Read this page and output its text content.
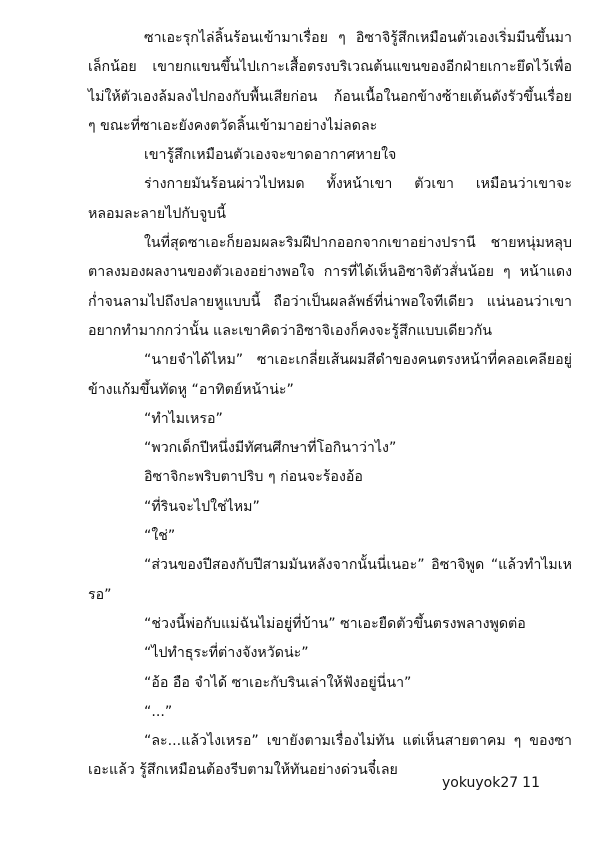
ซาเอะรุกไล่ลิ้นร้อนเข้ามาเรื่อย ๆ อิซาจิรู้สึกเหมือนตัวเองเริ่มมีนขึ้นมาเล็กน้อย เขายกแขนขึ้นไปเกาะเสื้อตรงบริเวณต้นแขนของอีกฝ่ายเกาะยึดไว้เพื่อไม่ให้ตัวเองล้มลงไปกองกับพื้นเสียก่อน ก้อนเนื้อในอกข้างซ้ายเต้นดังรัวขึ้นเรื่อย ๆ ขณะที่ซาเอะยังคงตวัดลิ้นเข้ามาอย่างไม่ลดละ

เขารู้สึกเหมือนตัวเองจะขาดอากาศหายใจ

ร่างกายมันร้อนผ่าวไปหมด ทั้งหน้าเขา ตัวเขา เหมือนว่าเขาจะหลอมละลายไปกับจูบนี้

ในที่สุดซาเอะก็ยอมผละริมฝีปากออกจากเขาอย่างปรานี ชายหนุ่มหลุบตาลงมองผลงานของตัวเองอย่างพอใจ การที่ได้เห็นอิซาจิตัวสั่นน้อย ๆ หน้าแดงก่ำจนลามไปถึงปลายหูแบบนี้ ถือว่าเป็นผลลัพธ์ที่น่าพอใจทีเดียว แน่นอนว่าเขาอยากทำมากกว่านั้น และเขาคิดว่าอิซาจิเองก็คงจะรู้สึกแบบเดียวกัน

“นายจำได้ไหม” ซาเอะเกลี่ยเส้นผมสีดำของคนตรงหน้าที่คลอเคลียอยู่ข้างแก้มขึ้นทัดหู “อาทิตย์หน้าน่ะ”

“ทำไมเหรอ”

“พวกเด็กปีหนึ่งมีทัศนศึกษาที่โอกินาว่าไง”

อิซาจิกะพริบตาปริบ ๆ ก่อนจะร้องอ้อ

“ที่รินจะไปใช่ไหม”

“ใช่”

“ส่วนของปีสองกับปีสามมันหลังจากนั้นนี่เนอะ” อิซาจิพูด “แล้วทำไมเหรอ”

“ช่วงนี้พ่อกับแม่ฉันไม่อยู่ที่บ้าน” ซาเอะยืดตัวขึ้นตรงพลางพูดต่อ

“ไปทำธุระที่ต่างจังหวัดน่ะ”

“อ้อ อือ จำได้ ซาเอะกับรินเล่าให้ฟังอยู่นี่นา”

“...”

“ละ...แล้วไงเหรอ” เขายังตามเรื่องไม่ทัน แต่เห็นสายตาคม ๆ ของซาเอะแล้ว รู้สึกเหมือนต้องรีบตามให้ทันอย่างด่วนจี๋เลย

yokuyok27 11
